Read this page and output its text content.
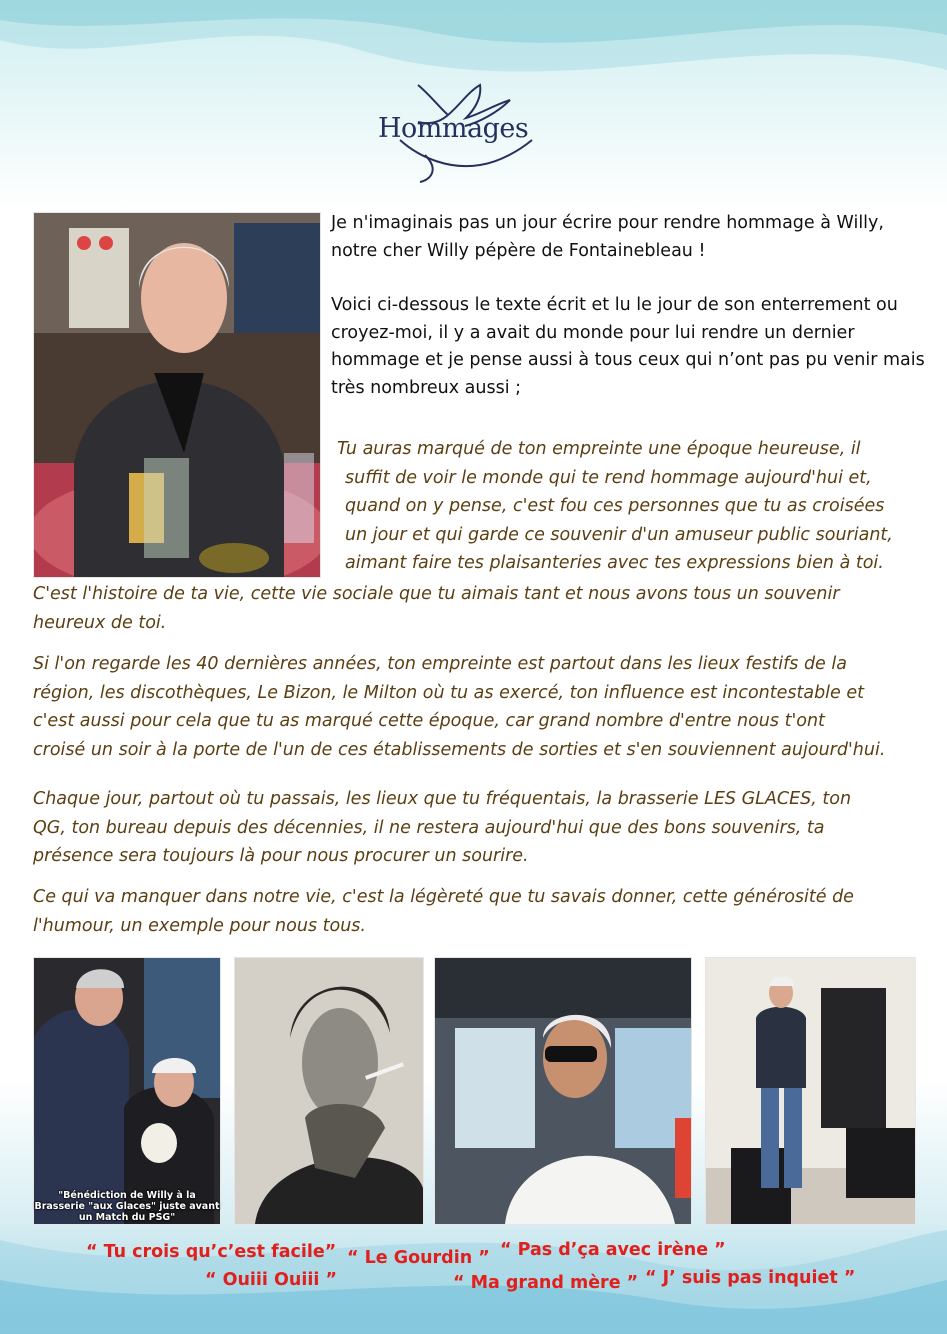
Hommages

Je n'imaginais pas un jour écrire pour rendre hommage à Willy, notre cher Willy pépère de Fontainebleau !

Voici ci-dessous le texte écrit et lu le jour de son enterrement ou croyez-moi, il y a avait du monde pour lui rendre un dernier hommage et je pense aussi à tous ceux qui n’ont pas pu venir mais très nombreux aussi ;

Tu auras marqué de ton empreinte une époque heureuse, il

suffit de voir le monde qui te rend hommage aujourd'hui et,

quand on y pense, c'est fou ces personnes que tu as croisées

un jour et qui garde ce souvenir d'un amuseur public souriant,

aimant faire tes plaisanteries avec tes expressions bien à toi.

C'est l'histoire de ta vie, cette vie sociale que tu aimais tant et nous avons tous un souvenir

heureux de toi.

Si l'on regarde les 40 dernières années, ton empreinte est partout dans les lieux festifs de la

région, les discothèques, Le Bizon, le Milton où tu as exercé, ton influence est incontestable et

c'est aussi pour cela que tu as marqué cette époque, car grand nombre d'entre nous t'ont

croisé un soir à la porte de l'un de ces établissements de sorties et s'en souviennent aujourd'hui.

Chaque jour, partout où tu passais, les lieux que tu fréquentais, la brasserie LES GLACES, ton

QG, ton bureau depuis des décennies, il ne restera aujourd'hui que des bons souvenirs, ta

présence sera toujours là pour nous procurer un sourire.

Ce qui va manquer dans notre vie, c'est la légèreté que tu savais donner, cette générosité de

l'humour, un exemple pour nous tous.

"Bénédiction de Willy à la Brasserie "aux Glaces" juste avant un Match du PSG"
“ Tu crois qu’c’est facile” “ Le Gourdin ” “ Pas d’ça avec irène ”
“ Ouiii Ouiii ”	“ Ma grand mère ” “ J’ suis pas inquiet ”
